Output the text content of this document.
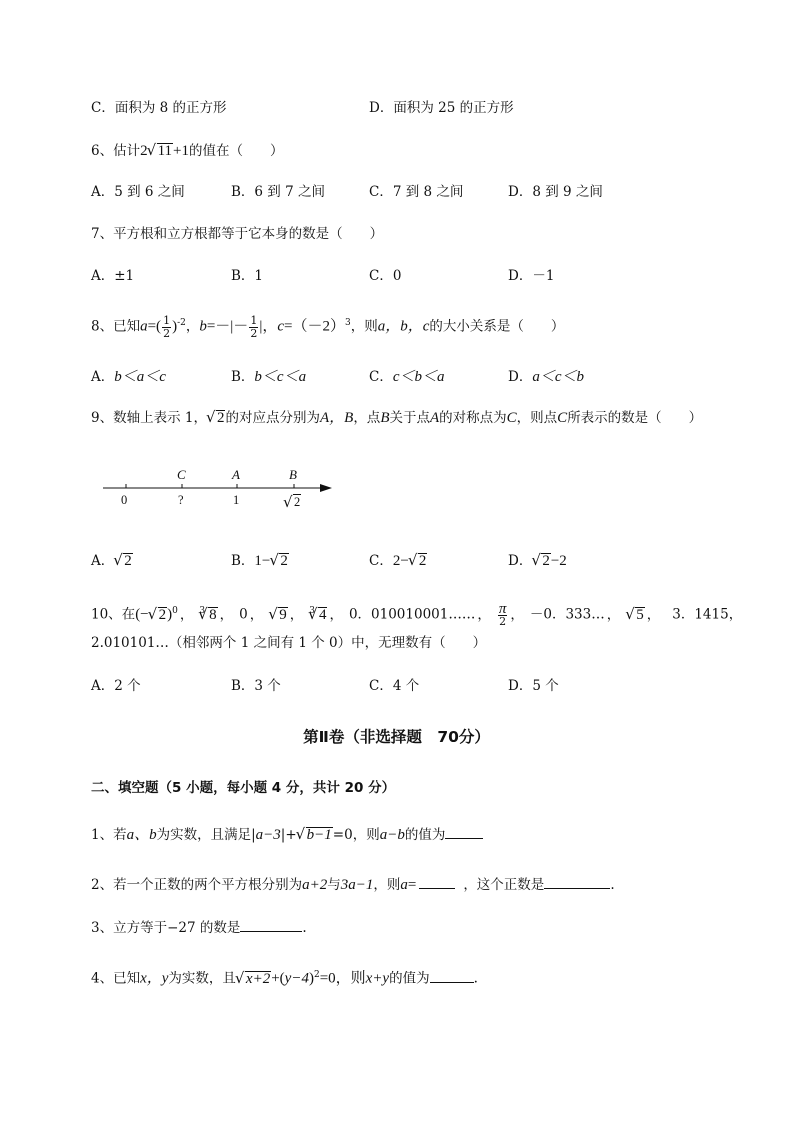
C．面积为 8 的正方形	D．面积为 25 的正方形
6、估计2 √ 11+1的值在（　　）
A．5 到 6 之间	B．6 到 7 之间	C．7 到 8 之间	D．8 到 9 之间
7、平方根和立方根都等于它本身的数是（　　）
A．±1	B．1	C．0	D．－1
8、已知$a=( \frac{1}{2} )^{-2}$，$b=-|- \frac{1}{2}$ |，$c=(-2)^3$，则a，b，c的大小关系是（　　）
A．b＜a＜c	B．b＜c＜a	C．c＜b＜a	D．a＜c＜b
9、数轴上表示 1， √ 2的对应点分别为A，B，点B关于点A的对称点为C，则点C所表示的数是（　　）
C	A	B
0	?	1	√ 2
A． √ 2	B．1− √ 2	C．2− √ 2	D． √ 2−2
10、在(− √ 2)$^0$ ， $^3$ √ 8 ， 0 ， √ 9 ， $^3$ √ 4 ， 0．010010001…… ， $\frac{\pi}{2}$ ， －0．333… ， √ 5 ， 3．1415，
2.010101…（相邻两个 1 之间有 1 个 0）中，无理数有（　　）
A．2 个	B．3 个	C．4 个	D．5 个
第Ⅱ卷（非选择题　70分）
二、填空题（5 小题，每小题 4 分，共计 20 分）
1、若a、b为实数，且满足|a−3|+ √ b−1=0，则a−b的值为
2、若一个正数的两个平方根分别为a+2与3a−1，则a=	，这个正数是	.
3、立方等于−27 的数是	.
4、已知x，y为实数，且 √ $x+2+(y-4)^2=0$，则x+y的值为	.
